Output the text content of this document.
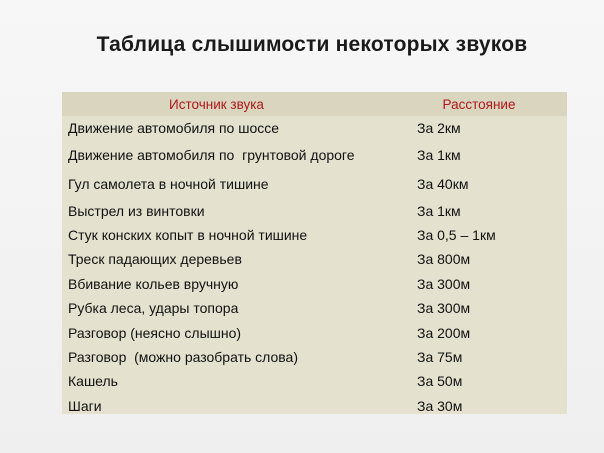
Таблица слышимости некоторых звуков
Источник звука	Расстояние
Движение автомобиля по шоссе	За 2км
Движение автомобиля по  грунтовой дороге	За 1км
Гул самолета в ночной тишине	За 40км
Выстрел из винтовки	За 1км
Стук конских копыт в ночной тишине	За 0,5 – 1км
Треск падающих деревьев	За 800м
Вбивание кольев вручную	За 300м
Рубка леса, удары топора	За 300м
Разговор (неясно слышно)	За 200м
Разговор  (можно разобрать слова)	За 75м
Кашель	За 50м
Шаги	За 30м
